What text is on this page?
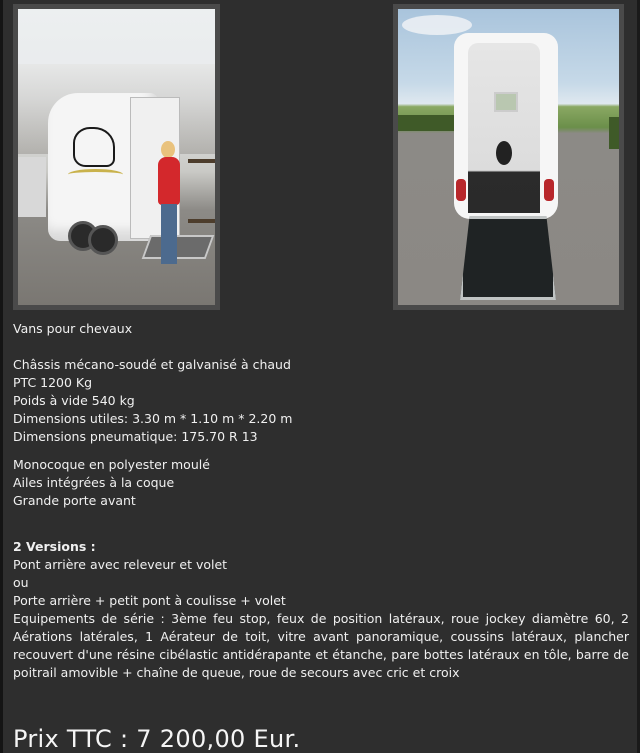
Vans pour chevaux

Châssis mécano-soudé et galvanisé à chaud

PTC 1200 Kg

Poids à vide 540 kg

Dimensions utiles: 3.30 m * 1.10 m * 2.20 m

Dimensions pneumatique: 175.70 R 13

Monocoque en polyester moulé

Ailes intégrées à la coque

Grande porte avant

2 Versions :

Pont arrière avec releveur et volet

ou

Porte arrière + petit pont à coulisse + volet

Equipements de série : 3ème feu stop, feux de position latéraux, roue jockey diamètre 60, 2 Aérations latérales, 1 Aérateur de toit, vitre avant panoramique, coussins latéraux, plancher recouvert d'une résine cibélastic antidérapante et étanche, pare bottes latéraux en tôle, barre de poitrail amovible + chaîne de queue, roue de secours avec cric et croix

Prix TTC : 7 200,00 Eur.
